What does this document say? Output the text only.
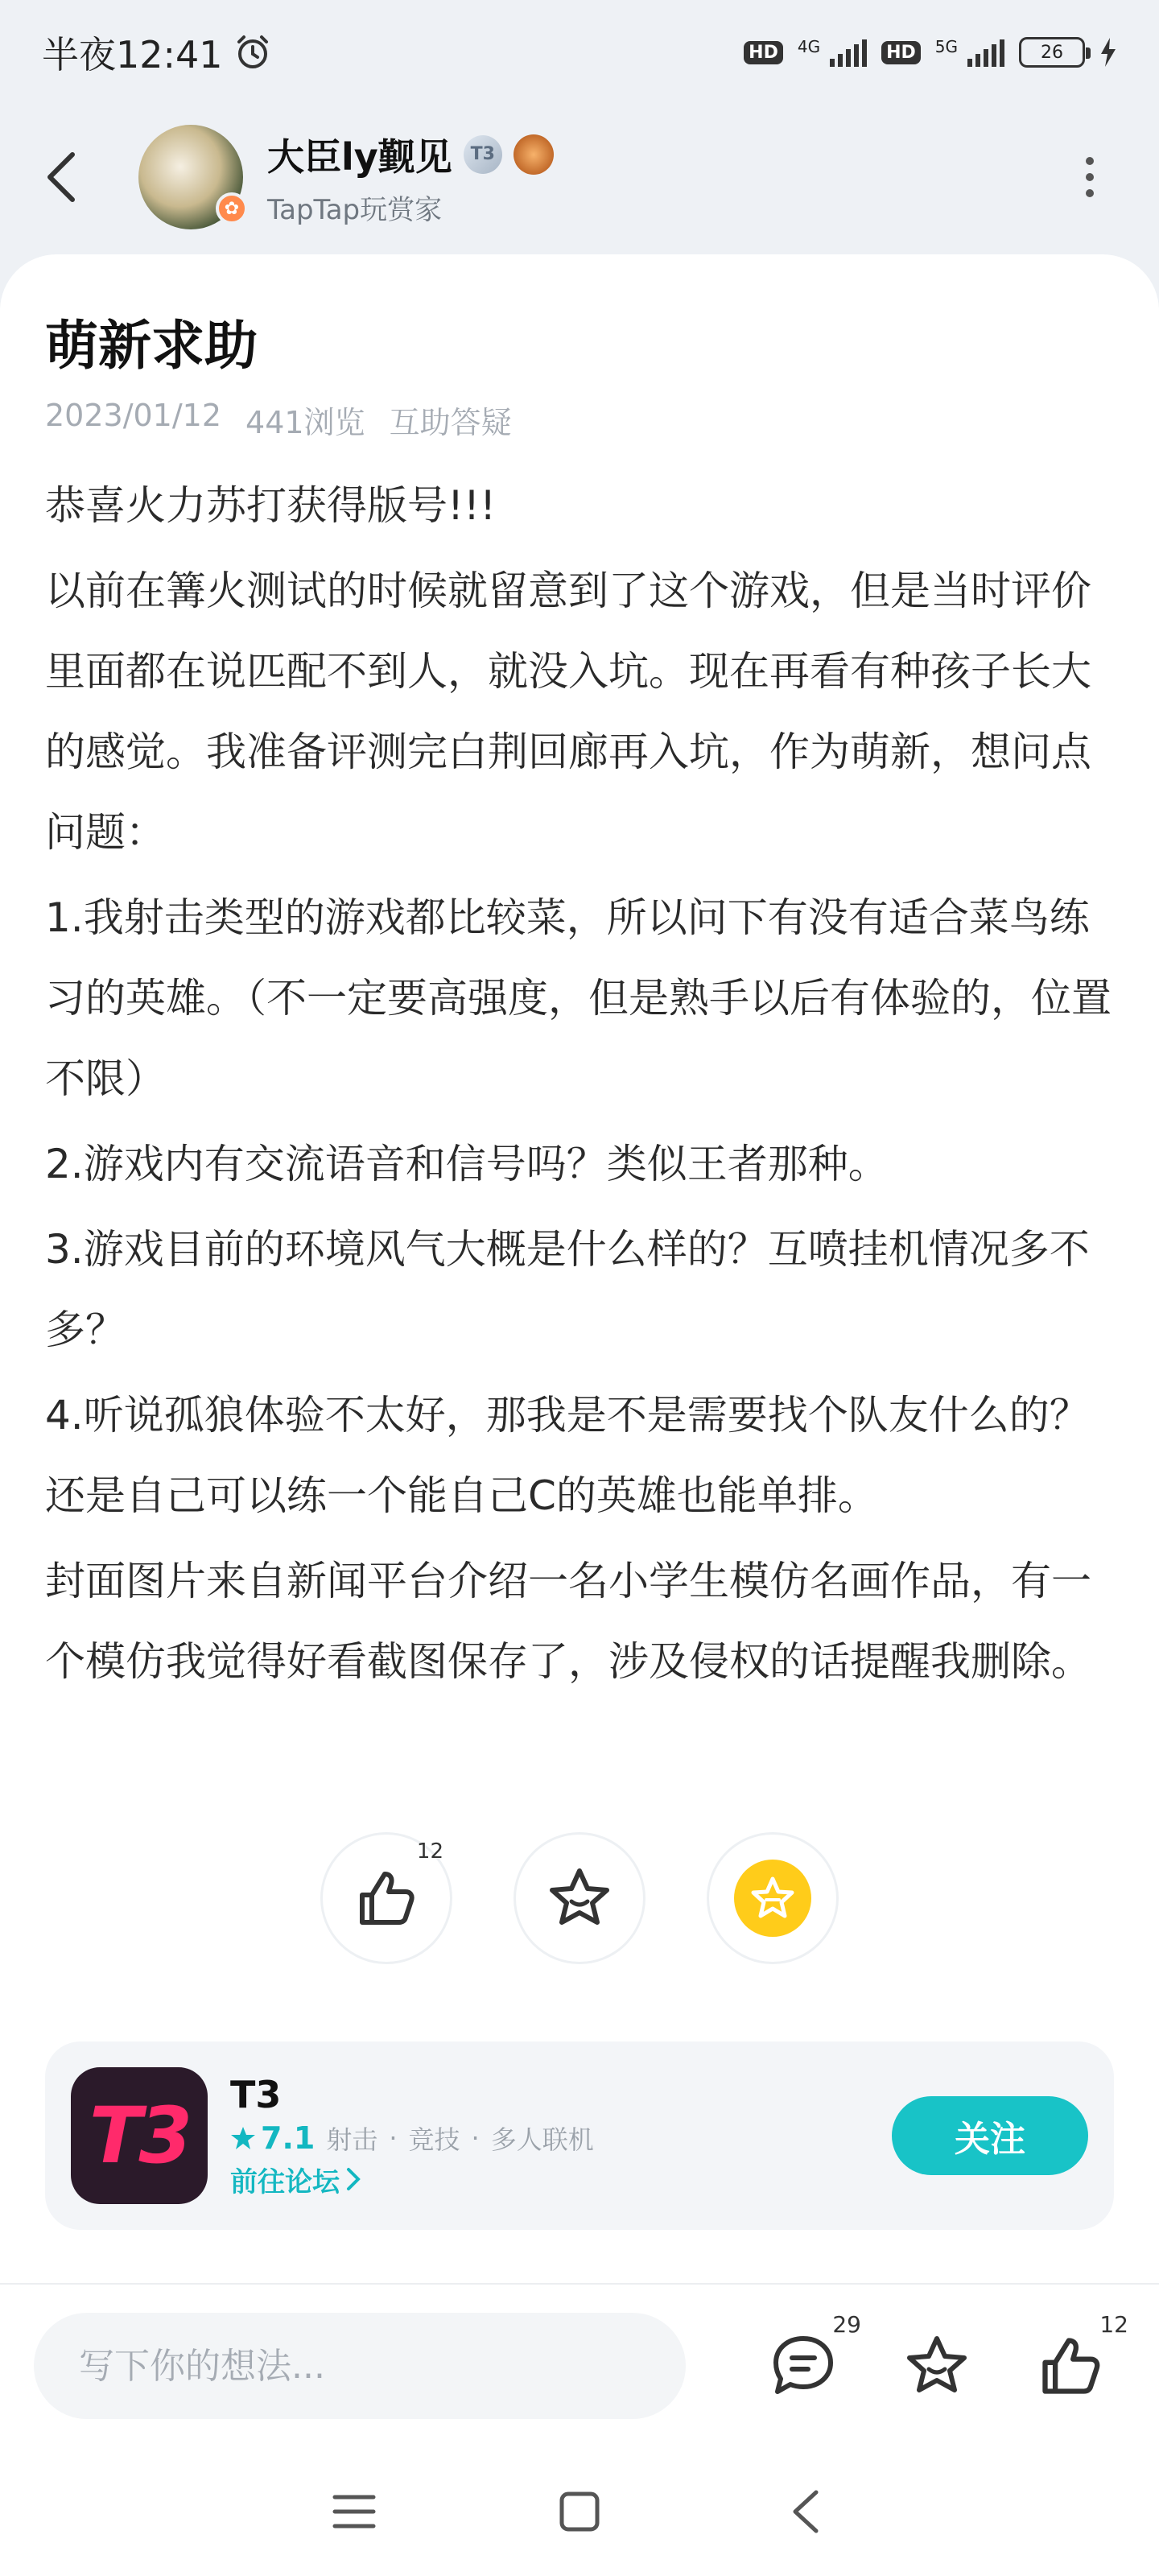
半夜12:41	HD	4G	HD	5G	26
✿
大臣ly觐见	T3
TapTap玩赏家
萌新求助
2023/01/12 441浏览 互助答疑

恭喜火力苏打获得版号!!!

以前在篝火测试的时候就留意到了这个游戏，但是当时评价里面都在说匹配不到人，就没入坑。现在再看有种孩子长大的感觉。我准备评测完白荆回廊再入坑，作为萌新，想问点问题：

1.我射击类型的游戏都比较菜，所以问下有没有适合菜鸟练习的英雄。（不一定要高强度，但是熟手以后有体验的，位置不限）

2.游戏内有交流语音和信号吗？类似王者那种。

3.游戏目前的环境风气大概是什么样的？互喷挂机情况多不多？

4.听说孤狼体验不太好，那我是不是需要找个队友什么的？还是自己可以练一个能自己C的英雄也能单排。

封面图片来自新闻平台介绍一名小学生模仿名画作品，有一个模仿我觉得好看截图保存了，涉及侵权的话提醒我删除。

12
T3	T3
7.1 射击 · 竞技 · 多人联机
前往论坛
关注
写下你的想法...
29	12
